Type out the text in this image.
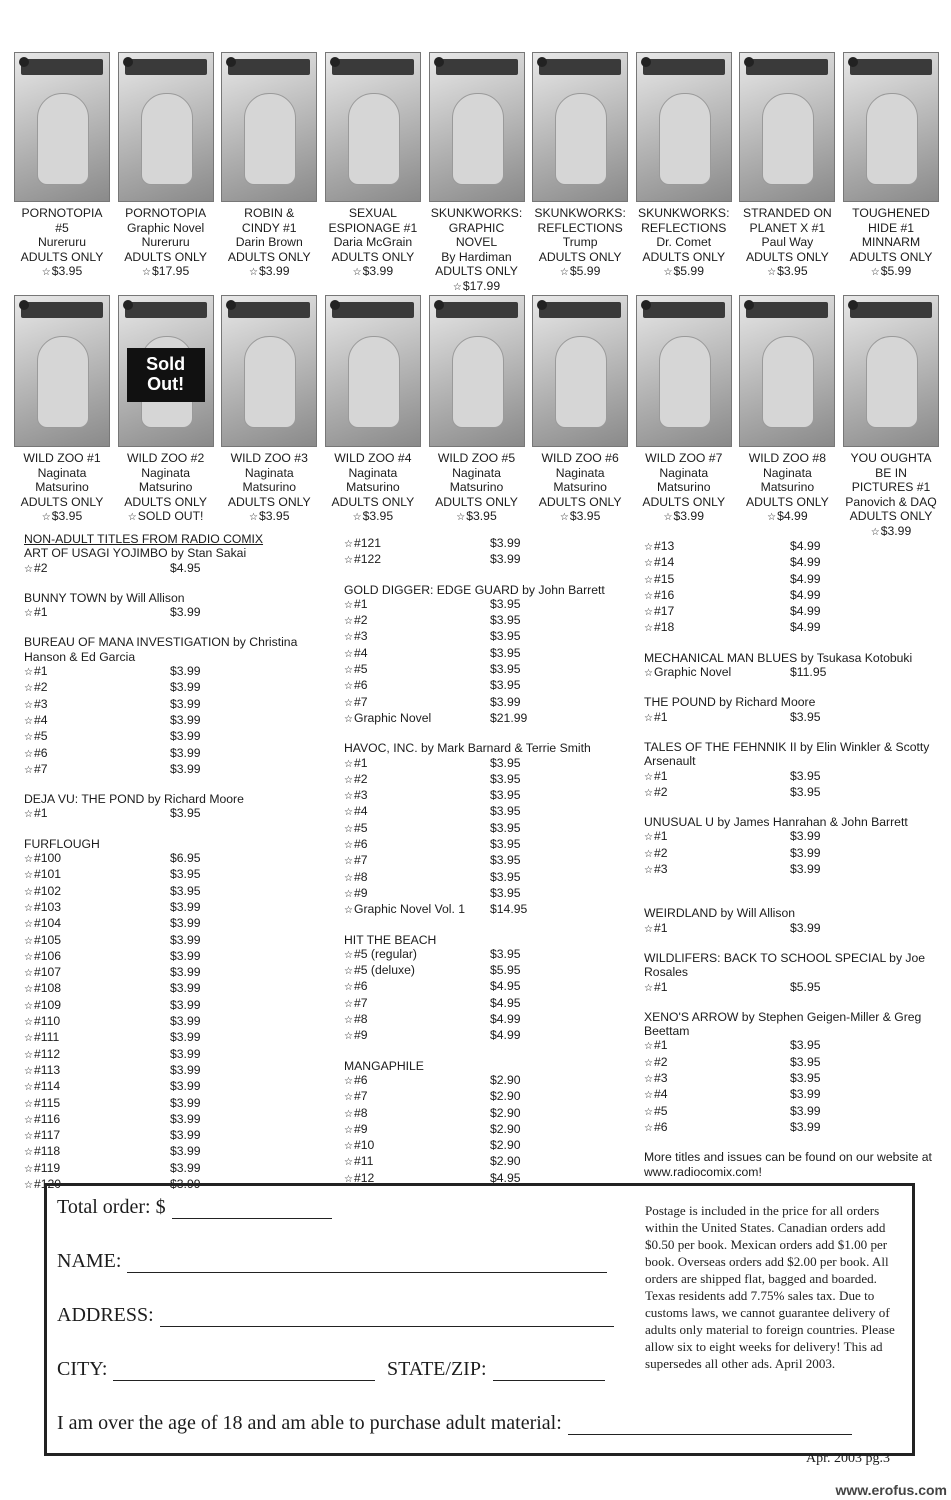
PORNOTOPIA
#5
Nureruru
ADULTS ONLY
☆$3.95
PORNOTOPIA
Graphic Novel
Nureruru
ADULTS ONLY
☆$17.95
ROBIN &
CINDY #1
Darin Brown
ADULTS ONLY
☆$3.99
SEXUAL
ESPIONAGE #1
Daria McGrain
ADULTS ONLY
☆$3.99
SKUNKWORKS:
GRAPHIC
NOVEL
By Hardiman
ADULTS ONLY
☆$17.99
SKUNKWORKS:
REFLECTIONS
Trump
ADULTS ONLY
☆$5.99
SKUNKWORKS:
REFLECTIONS
Dr. Comet
ADULTS ONLY
☆$5.99
STRANDED ON
PLANET X #1
Paul Way
ADULTS ONLY
☆$3.95
TOUGHENED
HIDE #1
MINNARM
ADULTS ONLY
☆$5.99
WILD ZOO #1
Naginata
Matsurino
ADULTS ONLY
☆$3.95
Sold
Out!
WILD ZOO #2
Naginata
Matsurino
ADULTS ONLY
☆SOLD OUT!
WILD ZOO #3
Naginata
Matsurino
ADULTS ONLY
☆$3.95
WILD ZOO #4
Naginata
Matsurino
ADULTS ONLY
☆$3.95
WILD ZOO #5
Naginata
Matsurino
ADULTS ONLY
☆$3.95
WILD ZOO #6
Naginata
Matsurino
ADULTS ONLY
☆$3.95
WILD ZOO #7
Naginata
Matsurino
ADULTS ONLY
☆$3.99
WILD ZOO #8
Naginata
Matsurino
ADULTS ONLY
☆$4.99
YOU OUGHTA
BE IN
PICTURES #1
Panovich & DAQ
ADULTS ONLY
☆$3.99
NON-ADULT TITLES FROM RADIO COMIX
ART OF USAGI YOJIMBO by Stan Sakai
☆#2	$4.95
BUNNY TOWN by Will Allison
☆#1	$3.99
BUREAU OF MANA INVESTIGATION by Christina Hanson & Ed Garcia
☆#1	$3.99
☆#2	$3.99
☆#3	$3.99
☆#4	$3.99
☆#5	$3.99
☆#6	$3.99
☆#7	$3.99
DEJA VU: THE POND by Richard Moore
☆#1	$3.95
FURFLOUGH
☆#100	$6.95
☆#101	$3.95
☆#102	$3.95
☆#103	$3.99
☆#104	$3.99
☆#105	$3.99
☆#106	$3.99
☆#107	$3.99
☆#108	$3.99
☆#109	$3.99
☆#110	$3.99
☆#111	$3.99
☆#112	$3.99
☆#113	$3.99
☆#114	$3.99
☆#115	$3.99
☆#116	$3.99
☆#117	$3.99
☆#118	$3.99
☆#119	$3.99
☆#120	$3.99
☆#121	$3.99
☆#122	$3.99
GOLD DIGGER: EDGE GUARD by John Barrett
☆#1	$3.95
☆#2	$3.95
☆#3	$3.95
☆#4	$3.95
☆#5	$3.95
☆#6	$3.95
☆#7	$3.99
☆Graphic Novel	$21.99
HAVOC, INC. by Mark Barnard & Terrie Smith
☆#1	$3.95
☆#2	$3.95
☆#3	$3.95
☆#4	$3.95
☆#5	$3.95
☆#6	$3.95
☆#7	$3.95
☆#8	$3.95
☆#9	$3.95
☆Graphic Novel Vol. 1	$14.95
HIT THE BEACH
☆#5 (regular)	$3.95
☆#5 (deluxe)	$5.95
☆#6	$4.95
☆#7	$4.95
☆#8	$4.99
☆#9	$4.99
MANGAPHILE
☆#6	$2.90
☆#7	$2.90
☆#8	$2.90
☆#9	$2.90
☆#10	$2.90
☆#11	$2.90
☆#12	$4.95
☆#13	$4.99
☆#14	$4.99
☆#15	$4.99
☆#16	$4.99
☆#17	$4.99
☆#18	$4.99
MECHANICAL MAN BLUES by Tsukasa Kotobuki
☆Graphic Novel	$11.95
THE POUND by Richard Moore
☆#1	$3.95
TALES OF THE FEHNNIK II by Elin Winkler & Scotty Arsenault
☆#1	$3.95
☆#2	$3.95
UNUSUAL U by James Hanrahan & John Barrett
☆#1	$3.99
☆#2	$3.99
☆#3	$3.99
WEIRDLAND by Will Allison
☆#1	$3.99
WILDLIFERS: BACK TO SCHOOL SPECIAL by Joe Rosales
☆#1	$5.95
XENO'S ARROW by Stephen Geigen-Miller & Greg Beettam
☆#1	$3.95
☆#2	$3.95
☆#3	$3.95
☆#4	$3.99
☆#5	$3.99
☆#6	$3.99
More titles and issues can be found on our website at www.radiocomix.com!
Total order: $
NAME:
ADDRESS:
CITY:	STATE/ZIP:
I am over the age of 18 and am able to purchase adult material:
Postage is included in the price for all orders within the United States. Canadian orders add $0.50 per book. Mexican orders add $1.00 per book. Overseas orders add $2.00 per book. All orders are shipped flat, bagged and boarded. Texas residents add 7.75% sales tax. Due to customs laws, we cannot guarantee delivery of adults only material to foreign countries. Please allow six to eight weeks for delivery! This ad supersedes all other ads. April 2003.
Apr. 2003 pg.3
www.erofus.com
